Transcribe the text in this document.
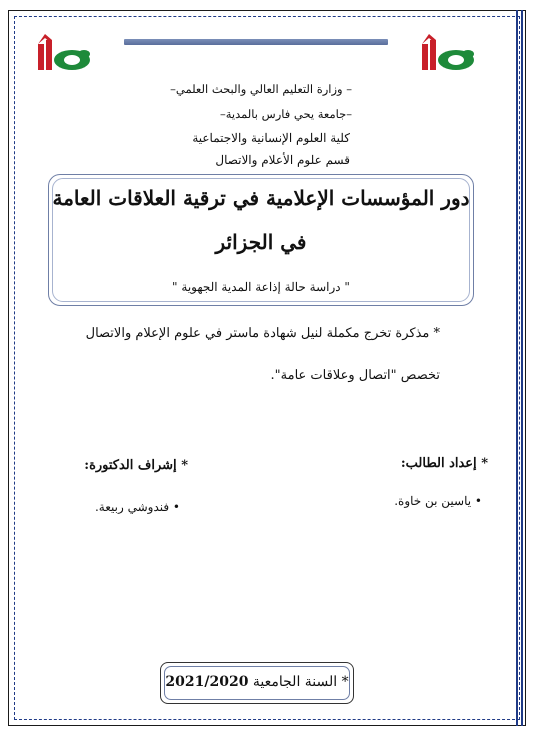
– وزارة التعليم العالي والبحث العلمي–
–جامعة يحي فارس بالمدية–
كلية العلوم الإنسانية والاجتماعية
قسم علوم الأعلام والاتصال
دور المؤسسات الإعلامية في ترقية العلاقات العامة
في الجزائر
" دراسة حالة إذاعة المدية الجهوية "
* مذكرة تخرج مكملة لنيل شهادة ماستر في علوم الإعلام والاتصال
تخصص "اتصال وعلاقات عامة".
* إعداد الطالب:
• ياسين بن خاوة.
* إشراف الدكتورة:
• فندوشي ربيعة.
* السنة الجامعية 2021/2020
